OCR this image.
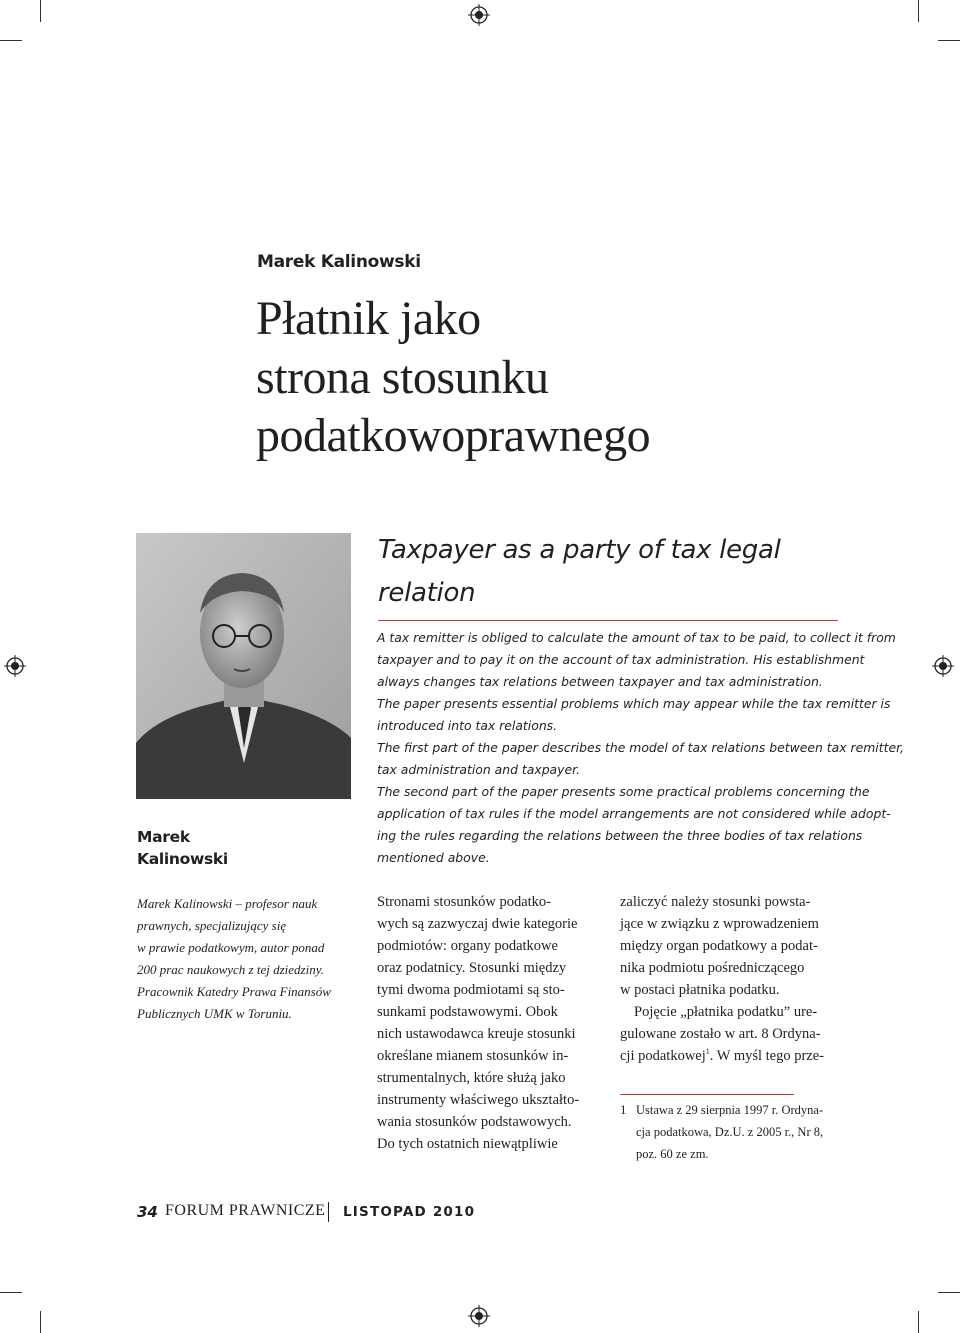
Marek Kalinowski
Płatnik jako
strona stosunku
podatkowoprawnego
Taxpayer as a party of tax legal relation
A tax remitter is obliged to calculate the amount of tax to be paid, to collect it from
taxpayer and to pay it on the account of tax administration. His establishment
always changes tax relations between taxpayer and tax administration.
The paper presents essential problems which may appear while the tax remitter is
introduced into tax relations.
The first part of the paper describes the model of tax relations between tax remitter,
tax administration and taxpayer.
The second part of the paper presents some practical problems concerning the
application of tax rules if the model arrangements are not considered while adopt-
ing the rules regarding the relations between the three bodies of tax relations
mentioned above.
Marek
Kalinowski
Marek Kalinowski – profesor nauk
prawnych, specjalizujący się
w prawie podatkowym, autor ponad
200 prac naukowych z tej dziedziny.
Pracownik Katedry Prawa Finansów
Publicznych UMK w Toruniu.
Stronami stosunków podatko-
wych są zazwyczaj dwie kategorie
podmiotów: organy podatkowe
oraz podatnicy. Stosunki między
tymi dwoma podmiotami są sto-
sunkami podstawowymi. Obok
nich ustawodawca kreuje stosunki
określane mianem stosunków in-
strumentalnych, które służą jako
instrumenty właściwego ukształto-
wania stosunków podstawowych.
Do tych ostatnich niewątpliwie
zaliczyć należy stosunki powsta-
jące w związku z wprowadzeniem
między organ podatkowy a podat-
nika podmiotu pośredniczącego
w postaci płatnika podatku.
Pojęcie „płatnika podatku” ure-
gulowane zostało w art. 8 Ordyna-
cji podatkowej$^1$. W myśl tego prze-
1 Ustawa z 29 sierpnia 1997 r. Ordyna-
cja podatkowa, Dz.U. z 2005 r., Nr 8,
poz. 60 ze zm.
34 FORUM PRAWNICZE LISTOPAD 2010
